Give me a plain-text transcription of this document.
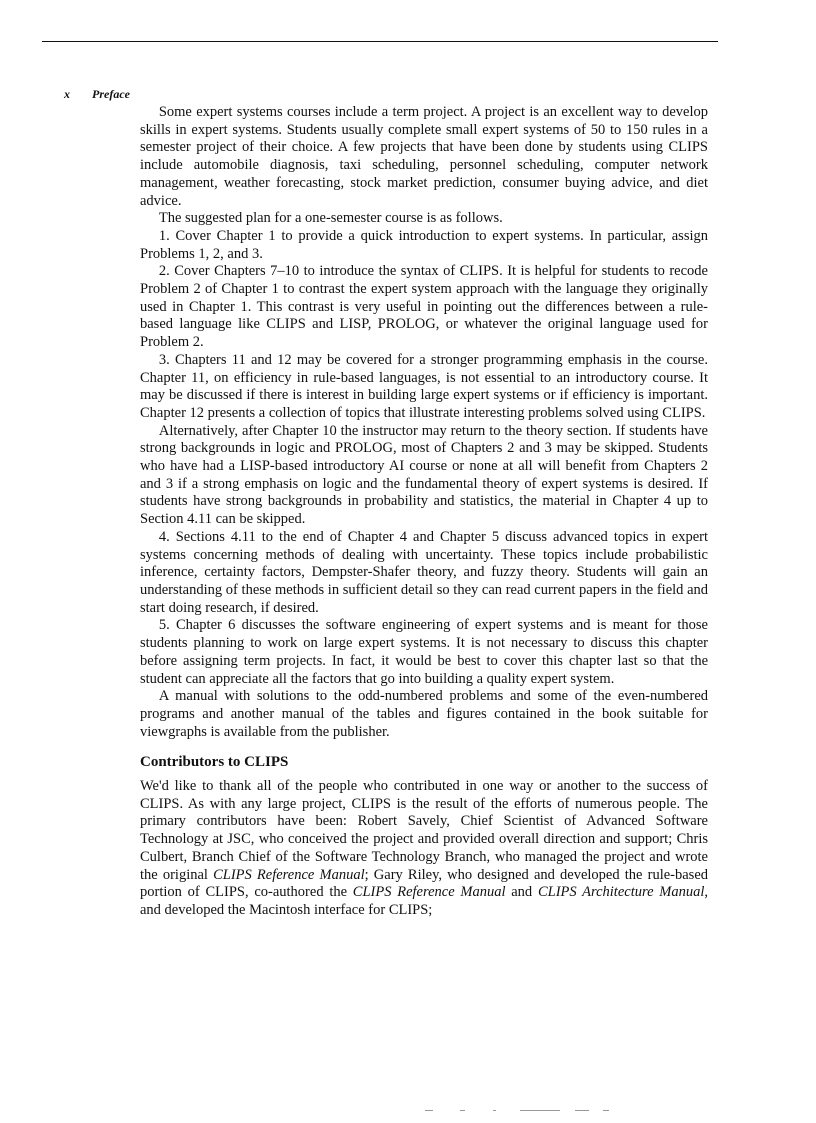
x Preface

Some expert systems courses include a term project. A project is an excellent way to develop skills in expert systems. Students usually complete small expert systems of 50 to 150 rules in a semester project of their choice. A few projects that have been done by students using CLIPS include automobile diagnosis, taxi scheduling, personnel scheduling, computer network management, weather forecasting, stock market prediction, consumer buying advice, and diet advice.

The suggested plan for a one-semester course is as follows.

1. Cover Chapter 1 to provide a quick introduction to expert systems. In particular, assign Problems 1, 2, and 3.

2. Cover Chapters 7–10 to introduce the syntax of CLIPS. It is helpful for students to recode Problem 2 of Chapter 1 to contrast the expert system approach with the language they originally used in Chapter 1. This contrast is very useful in pointing out the differences between a rule-based language like CLIPS and LISP, PROLOG, or whatever the original language used for Problem 2.

3. Chapters 11 and 12 may be covered for a stronger programming emphasis in the course. Chapter 11, on efficiency in rule-based languages, is not essential to an introductory course. It may be discussed if there is interest in building large expert systems or if efficiency is important. Chapter 12 presents a collection of topics that illustrate interesting problems solved using CLIPS.

Alternatively, after Chapter 10 the instructor may return to the theory section. If students have strong backgrounds in logic and PROLOG, most of Chapters 2 and 3 may be skipped. Students who have had a LISP-based introductory AI course or none at all will benefit from Chapters 2 and 3 if a strong emphasis on logic and the fundamental theory of expert systems is desired. If students have strong backgrounds in probability and statistics, the material in Chapter 4 up to Section 4.11 can be skipped.

4. Sections 4.11 to the end of Chapter 4 and Chapter 5 discuss advanced topics in expert systems concerning methods of dealing with uncertainty. These topics include probabilistic inference, certainty factors, Dempster-Shafer theory, and fuzzy theory. Students will gain an understanding of these methods in sufficient detail so they can read current papers in the field and start doing research, if desired.

5. Chapter 6 discusses the software engineering of expert systems and is meant for those students planning to work on large expert systems. It is not necessary to discuss this chapter before assigning term projects. In fact, it would be best to cover this chapter last so that the student can appreciate all the factors that go into building a quality expert system.

A manual with solutions to the odd-numbered problems and some of the even-numbered programs and another manual of the tables and figures contained in the book suitable for viewgraphs is available from the publisher.

Contributors to CLIPS

We'd like to thank all of the people who contributed in one way or another to the success of CLIPS. As with any large project, CLIPS is the result of the efforts of numerous people. The primary contributors have been: Robert Savely, Chief Scientist of Advanced Software Technology at JSC, who conceived the project and provided overall direction and support; Chris Culbert, Branch Chief of the Software Technology Branch, who managed the project and wrote the original CLIPS Reference Manual; Gary Riley, who designed and developed the rule-based portion of CLIPS, co-authored the CLIPS Reference Manual and CLIPS Architecture Manual, and developed the Macintosh interface for CLIPS;
